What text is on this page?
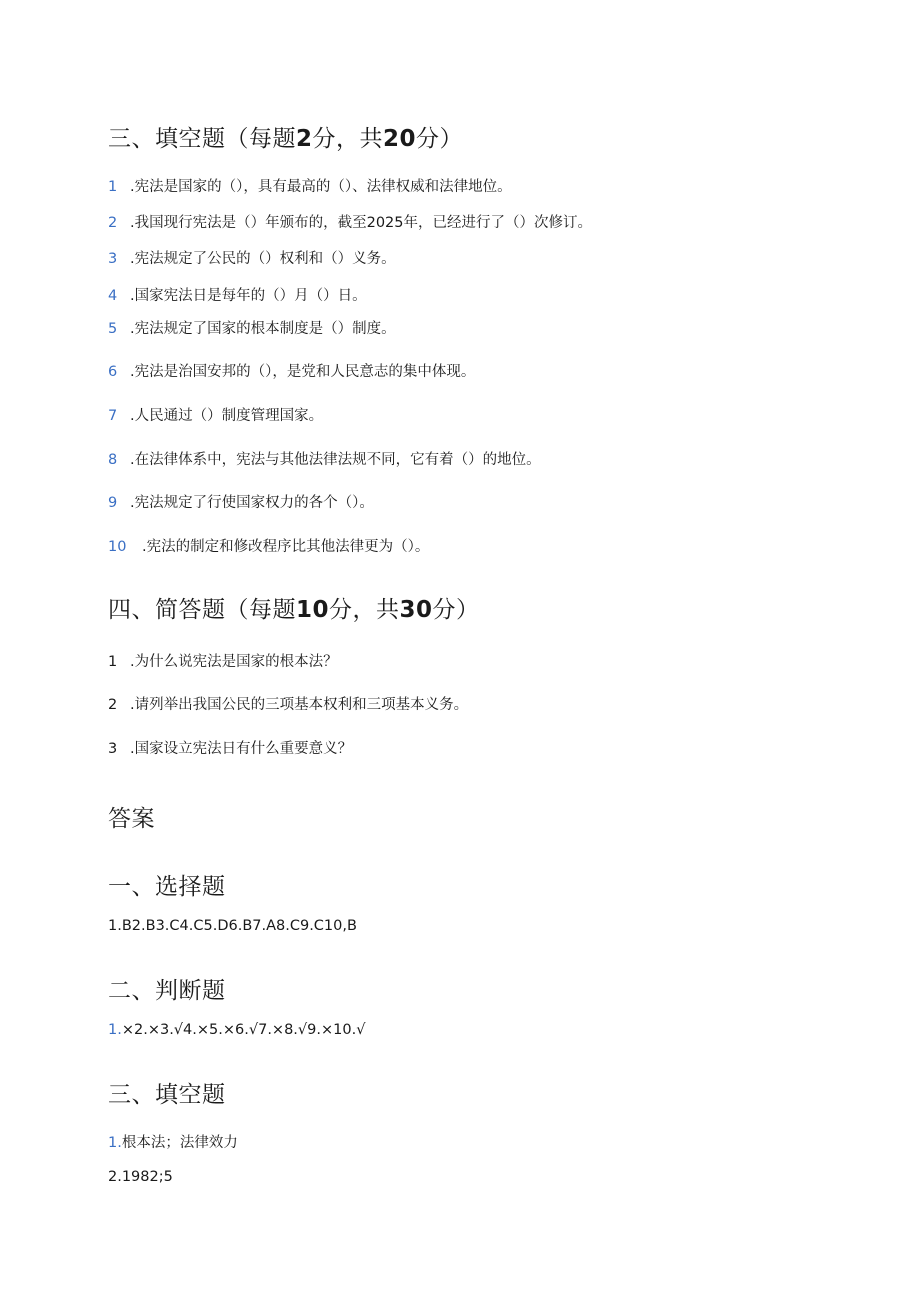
三、填空题（每题2分，共20分）
1 .宪法是国家的（），具有最高的（）、法律权威和法律地位。
2 .我国现行宪法是（）年颁布的，截至2025年，已经进行了（）次修订。
3 .宪法规定了公民的（）权利和（）义务。
4 .国家宪法日是每年的（）月（）日。
5 .宪法规定了国家的根本制度是（）制度。
6 .宪法是治国安邦的（），是党和人民意志的集中体现。
7 .人民通过（）制度管理国家。
8 .在法律体系中，宪法与其他法律法规不同，它有着（）的地位。
9 .宪法规定了行使国家权力的各个（）。
10 .宪法的制定和修改程序比其他法律更为（）。
四、简答题（每题10分，共30分）
1 .为什么说宪法是国家的根本法？
2 .请列举出我国公民的三项基本权利和三项基本义务。
3 .国家设立宪法日有什么重要意义？
答案
一、选择题
1.B2.B3.C4.C5.D6.B7.A8.C9.C10,B
二、判断题
1.×2.×3.√4.×5.×6.√7.×8.√9.×10.√
三、填空题
1.根本法；法律效力
2.1982;5
